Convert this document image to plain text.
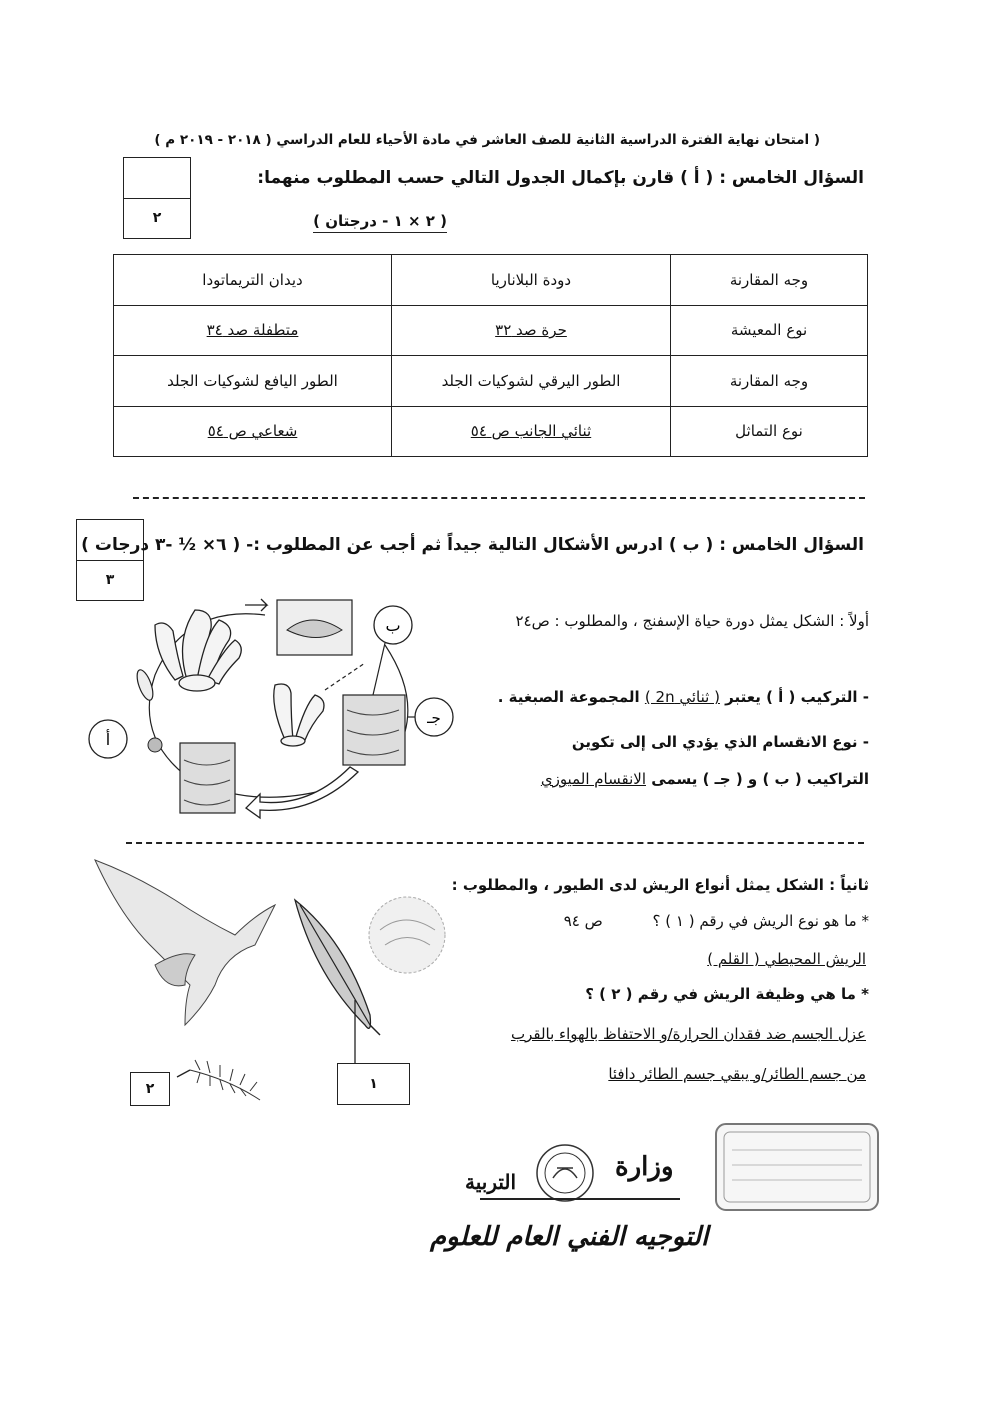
( امتحان نهاية الفترة الدراسية الثانية للصف العاشر في مادة الأحياء للعام الدراسي ( ٢٠١٨ - ٢٠١٩ م )
٢
السؤال الخامس : ( أ ) قارن بإكمال الجدول التالي حسب المطلوب منهما:
( ٢ × ١ - درجتان )
وجه المقارنة	دودة البلاناريا	ديدان التريماتودا
نوع المعيشة	حرة صد ٣٢	متطفلة صد ٣٤
وجه المقارنة	الطور اليرقي لشوكيات الجلد	الطور اليافع لشوكيات الجلد
نوع التماثل	ثنائي الجانب ص ٥٤	شعاعي ص ٥٤
٣
السؤال الخامس : ( ب ) ادرس الأشكال التالية جيداً ثم أجب عن المطلوب :- ( ٦× ½ -٣ درجات )
أ
ب
جـ
أولاً : الشكل يمثل دورة حياة الإسفنج ، والمطلوب : ص٢٤
- التركيب ( أ ) يعتبر ( ثنائي 2n ) المجموعة الصبغية .
- نوع الانقسام الذي يؤدي الى إلى تكوين
التراكيب ( ب ) و ( جـ ) يسمى الانقسام الميوزي
١
٢
ثانياً : الشكل يمثل أنواع الريش لدى الطيور ، والمطلوب :
* ما هو نوع الريش في رقم ( ١ ) ؟ ص ٩٤
الريش المحيطي ( القلم )
* ما هي وظيفة الريش في رقم ( ٢ ) ؟
عزل الجسم ضد فقدان الحرارة/و الاحتفاظ بالهواء بالقرب
من جسم الطائر/و يبقي جسم الطائر دافئا
وزارة
التربية
التوجيه الفني العام للعلوم
